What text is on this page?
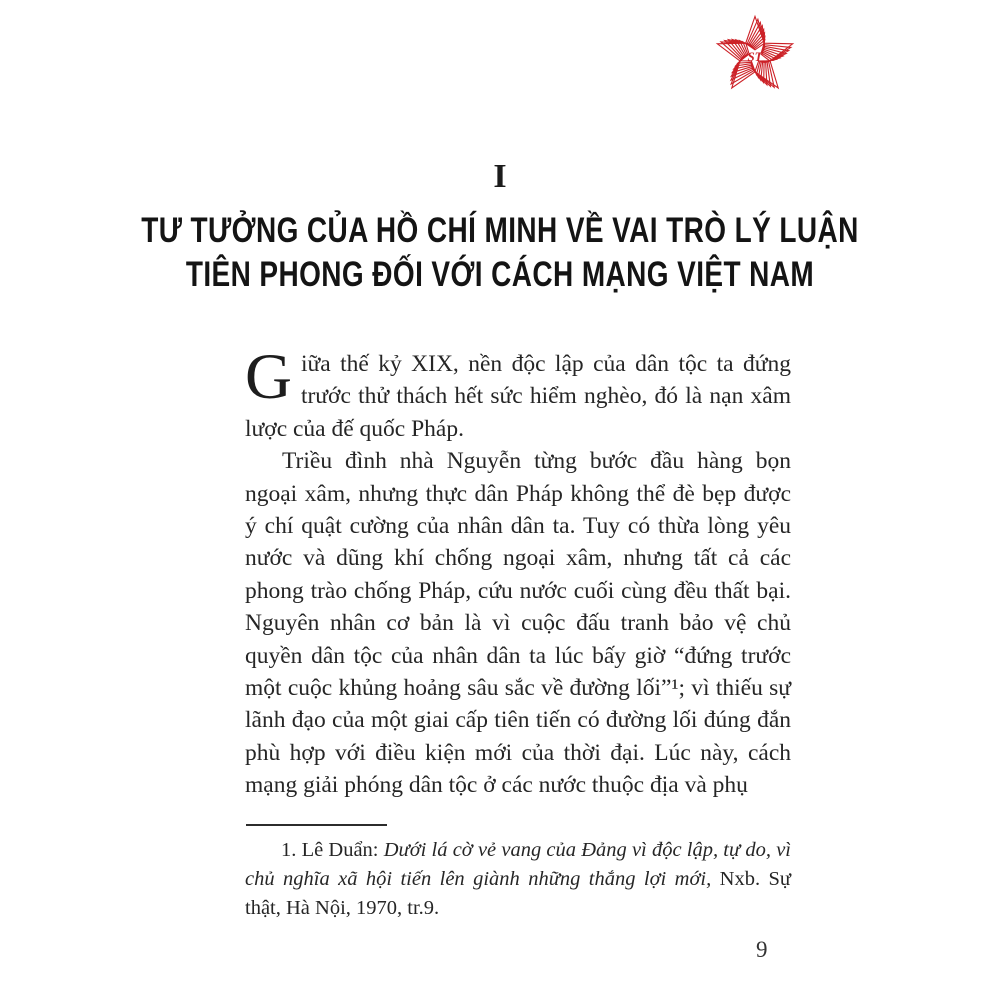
ST
I
TƯ TƯỞNG CỦA HỒ CHÍ MINH VỀ VAI TRÒ LÝ LUẬN
TIÊN PHONG ĐỐI VỚI CÁCH MẠNG VIỆT NAM

Giữa thế kỷ XIX, nền độc lập của dân tộc ta đứng trước thử thách hết sức hiểm nghèo, đó là nạn xâm lược của đế quốc Pháp.

Triều đình nhà Nguyễn từng bước đầu hàng bọn ngoại xâm, nhưng thực dân Pháp không thể đè bẹp được ý chí quật cường của nhân dân ta. Tuy có thừa lòng yêu nước và dũng khí chống ngoại xâm, nhưng tất cả các phong trào chống Pháp, cứu nước cuối cùng đều thất bại. Nguyên nhân cơ bản là vì cuộc đấu tranh bảo vệ chủ quyền dân tộc của nhân dân ta lúc bấy giờ “đứng trước một cuộc khủng hoảng sâu sắc về đường lối”¹; vì thiếu sự lãnh đạo của một giai cấp tiên tiến có đường lối đúng đắn phù hợp với điều kiện mới của thời đại. Lúc này, cách mạng giải phóng dân tộc ở các nước thuộc địa và phụ

1. Lê Duẩn: Dưới lá cờ vẻ vang của Đảng vì độc lập, tự do, vì chủ nghĩa xã hội tiến lên giành những thắng lợi mới, Nxb. Sự thật, Hà Nội, 1970, tr.9.

9
